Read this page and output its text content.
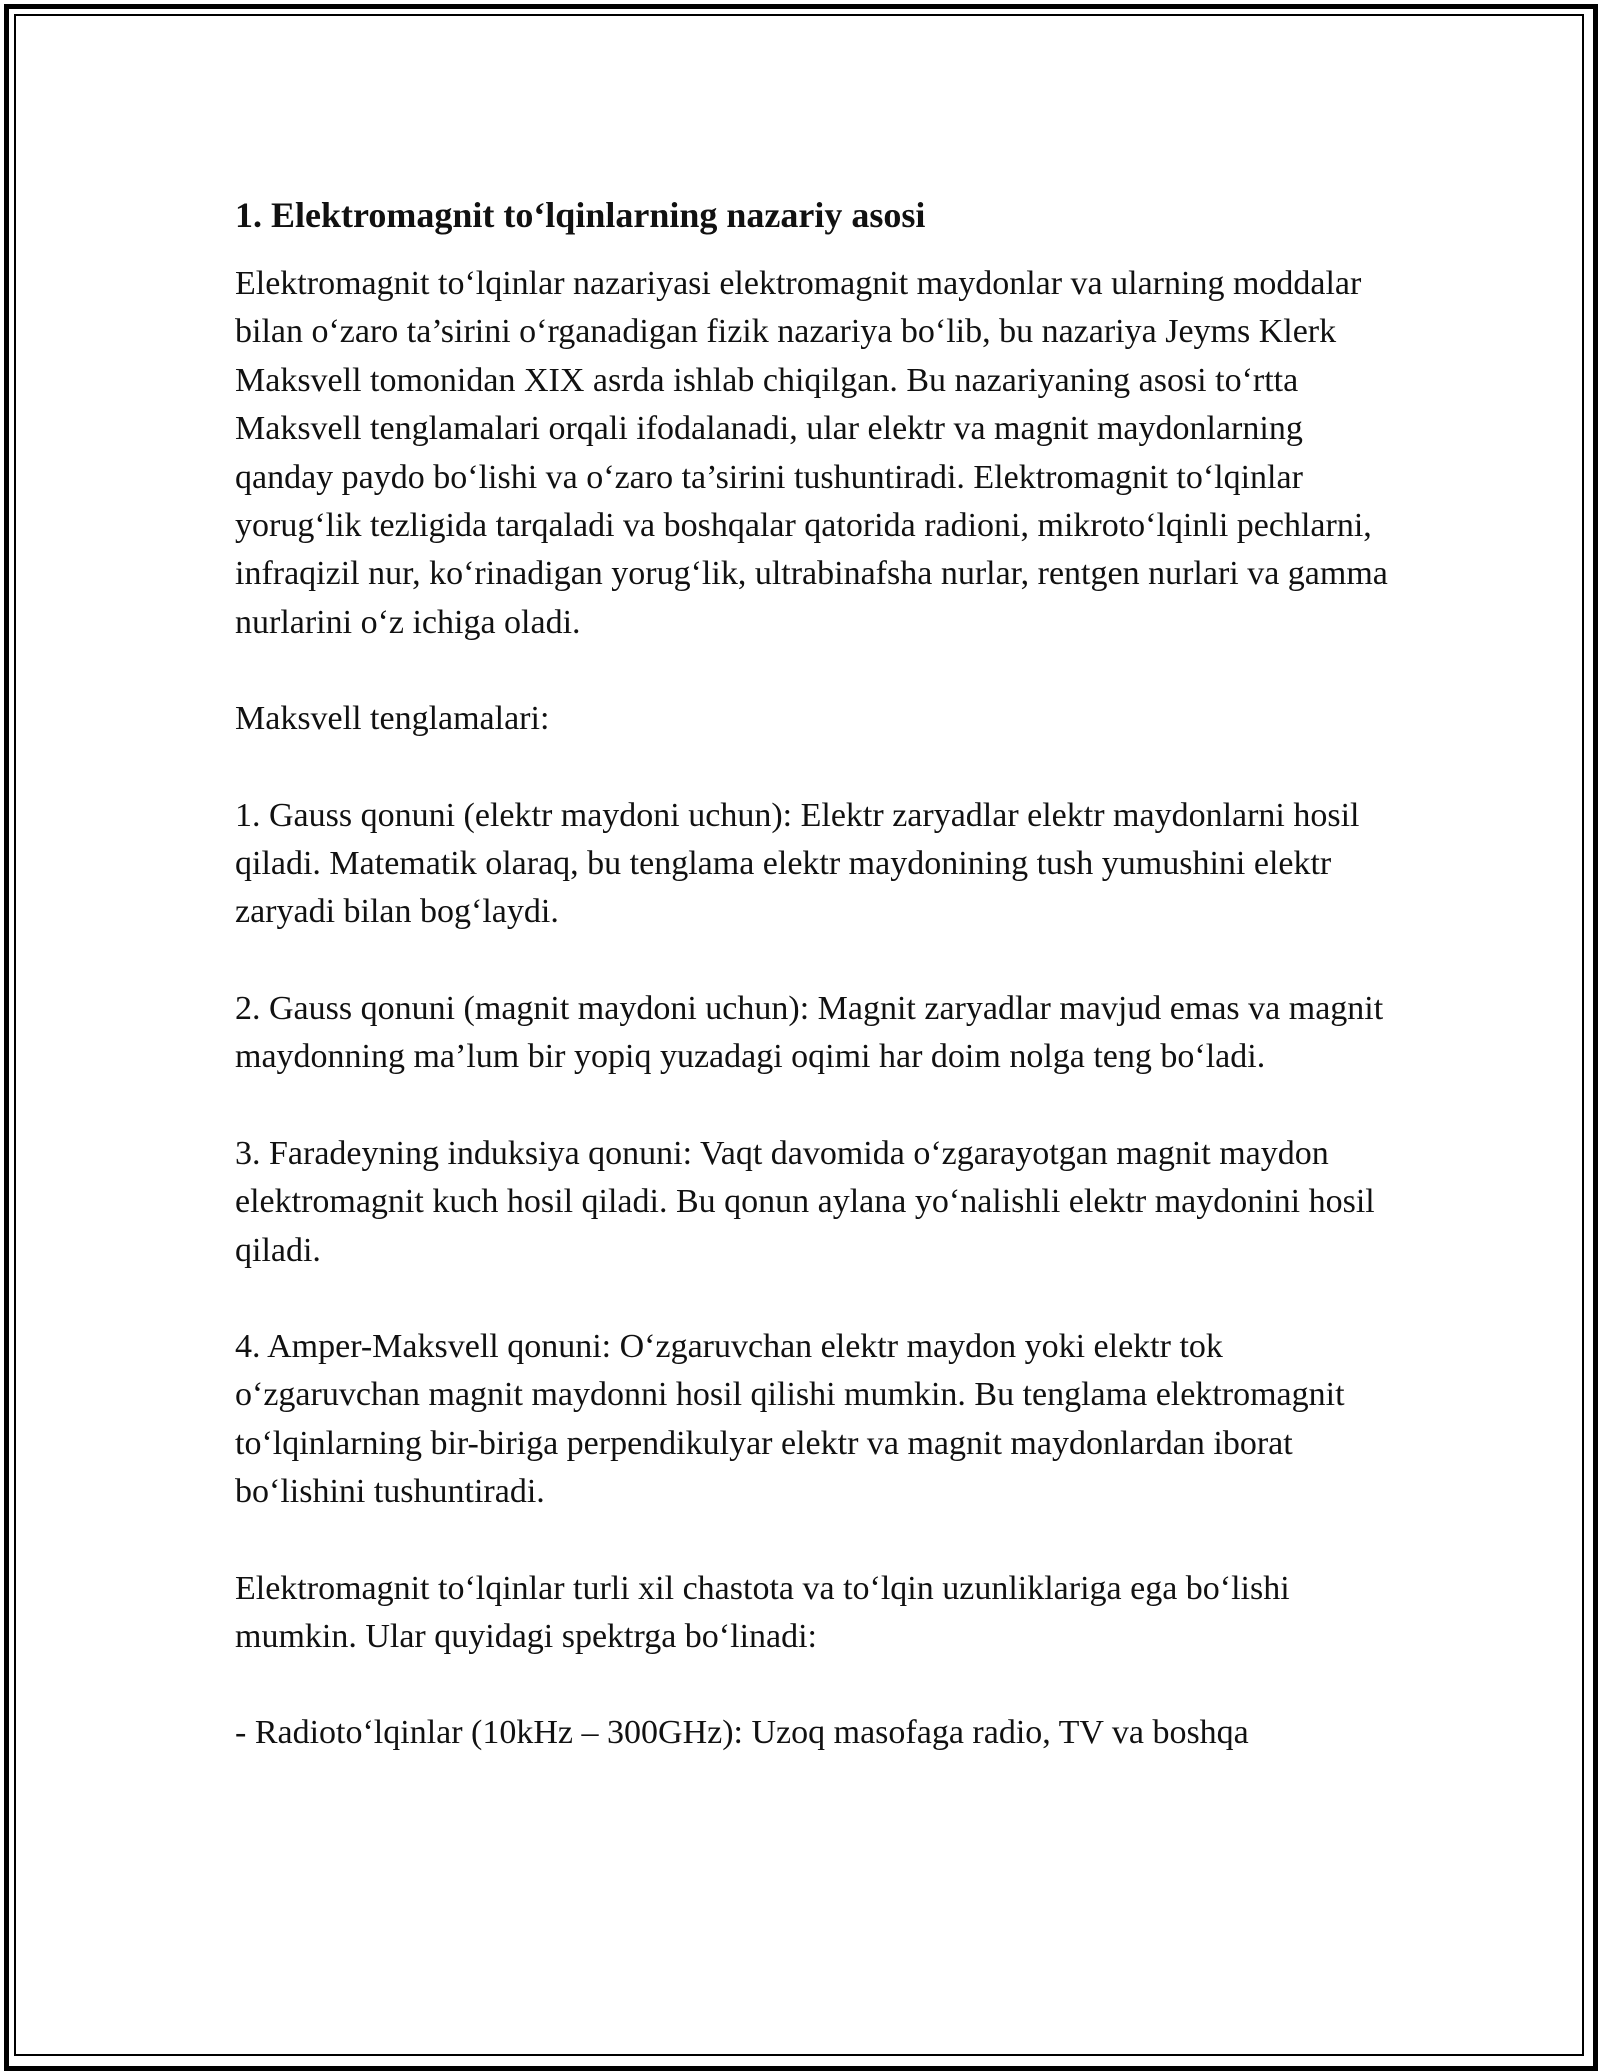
1. Elektromagnit to‘lqinlarning nazariy asosi

Elektromagnit to‘lqinlar nazariyasi elektromagnit maydonlar va ularning moddalar bilan o‘zaro ta’sirini o‘rganadigan fizik nazariya bo‘lib, bu nazariya Jeyms Klerk Maksvell tomonidan XIX asrda ishlab chiqilgan. Bu nazariyaning asosi to‘rtta Maksvell tenglamalari orqali ifodalanadi, ular elektr va magnit maydonlarning qanday paydo bo‘lishi va o‘zaro ta’sirini tushuntiradi. Elektromagnit to‘lqinlar yorug‘lik tezligida tarqaladi va boshqalar qatorida radioni, mikroto‘lqinli pechlarni, infraqizil nur, ko‘rinadigan yorug‘lik, ultrabinafsha nurlar, rentgen nurlari va gamma nurlarini o‘z ichiga oladi.

Maksvell tenglamalari:

1. Gauss qonuni (elektr maydoni uchun): Elektr zaryadlar elektr maydonlarni hosil qiladi. Matematik olaraq, bu tenglama elektr maydonining tush yumushini elektr zaryadi bilan bog‘laydi.

2. Gauss qonuni (magnit maydoni uchun): Magnit zaryadlar mavjud emas va magnit maydonning ma’lum bir yopiq yuzadagi oqimi har doim nolga teng bo‘ladi.

3. Faradeyning induksiya qonuni: Vaqt davomida o‘zgarayotgan magnit maydon elektromagnit kuch hosil qiladi. Bu qonun aylana yo‘nalishli elektr maydonini hosil qiladi.

4. Amper-Maksvell qonuni: O‘zgaruvchan elektr maydon yoki elektr tok o‘zgaruvchan magnit maydonni hosil qilishi mumkin. Bu tenglama elektromagnit to‘lqinlarning bir-biriga perpendikulyar elektr va magnit maydonlardan iborat bo‘lishini tushuntiradi.

Elektromagnit to‘lqinlar turli xil chastota va to‘lqin uzunliklariga ega bo‘lishi mumkin. Ular quyidagi spektrga bo‘linadi:

- Radioto‘lqinlar (10kHz – 300GHz): Uzoq masofaga radio, TV va boshqa
